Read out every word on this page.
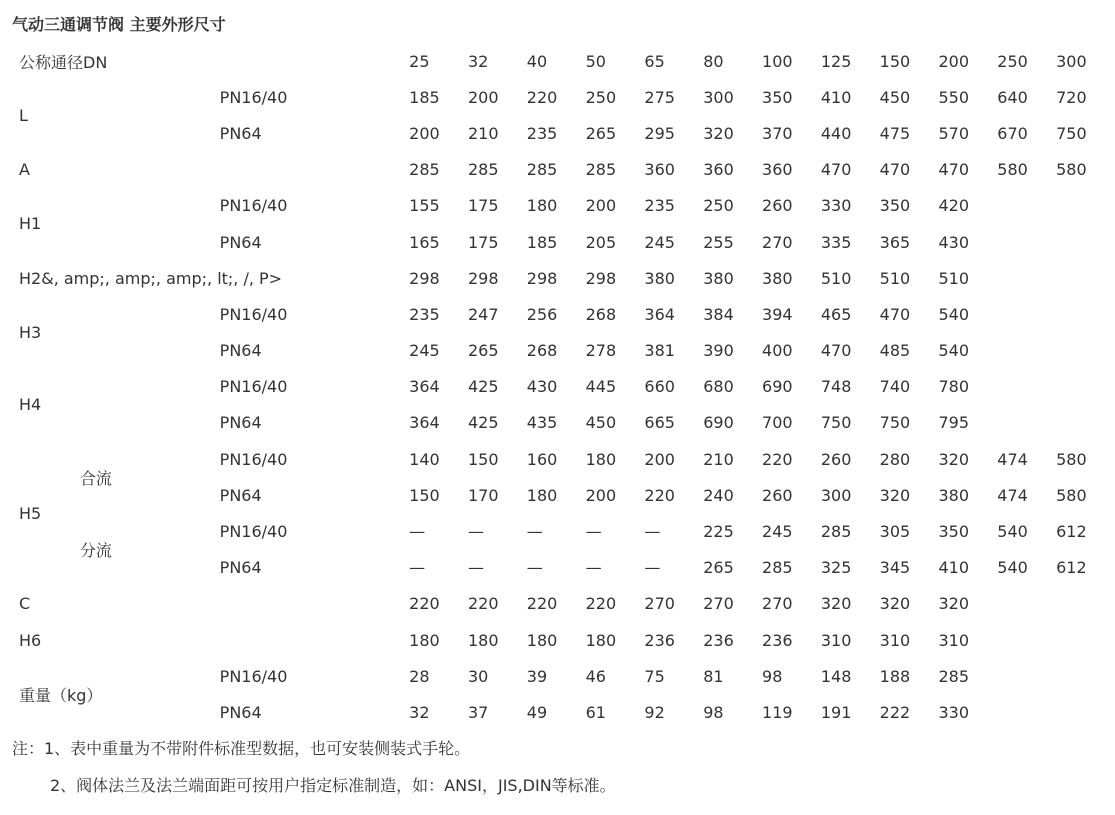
气动三通调节阀 主要外形尺寸
公称通径DN			25	32	40	50	65	80	100	125	150	200	250	300
L		PN16/40	185	200	220	250	275	300	350	410	450	550	640	720
		PN64	200	210	235	265	295	320	370	440	475	570	670	750
A			285	285	285	285	360	360	360	470	470	470	580	580
H1		PN16/40	155	175	180	200	235	250	260	330	350	420		
		PN64	165	175	185	205	245	255	270	335	365	430		
H2&, amp;, amp;, amp;, lt;, /, P>			298	298	298	298	380	380	380	510	510	510		
H3		PN16/40	235	247	256	268	364	384	394	465	470	540		
		PN64	245	265	268	278	381	390	400	470	485	540		
H4		PN16/40	364	425	430	445	660	680	690	748	740	780		
		PN64	364	425	435	450	665	690	700	750	750	795		
H5	合流	PN16/40	140	150	160	180	200	210	220	260	280	320	474	580
		PN64	150	170	180	200	220	240	260	300	320	380	474	580
	分流	PN16/40	—	—	—	—	—	225	245	285	305	350	540	612
		PN64	—	—	—	—	—	265	285	325	345	410	540	612
C			220	220	220	220	270	270	270	320	320	320		
H6			180	180	180	180	236	236	236	310	310	310		
重量（kg）		PN16/40	28	30	39	46	75	81	98	148	188	285		
		PN64	32	37	49	61	92	98	119	191	222	330		
注：1、表中重量为不带附件标准型数据，也可安装侧装式手轮。
2、阀体法兰及法兰端面距可按用户指定标准制造，如：ANSI，JIS,DIN等标准。
